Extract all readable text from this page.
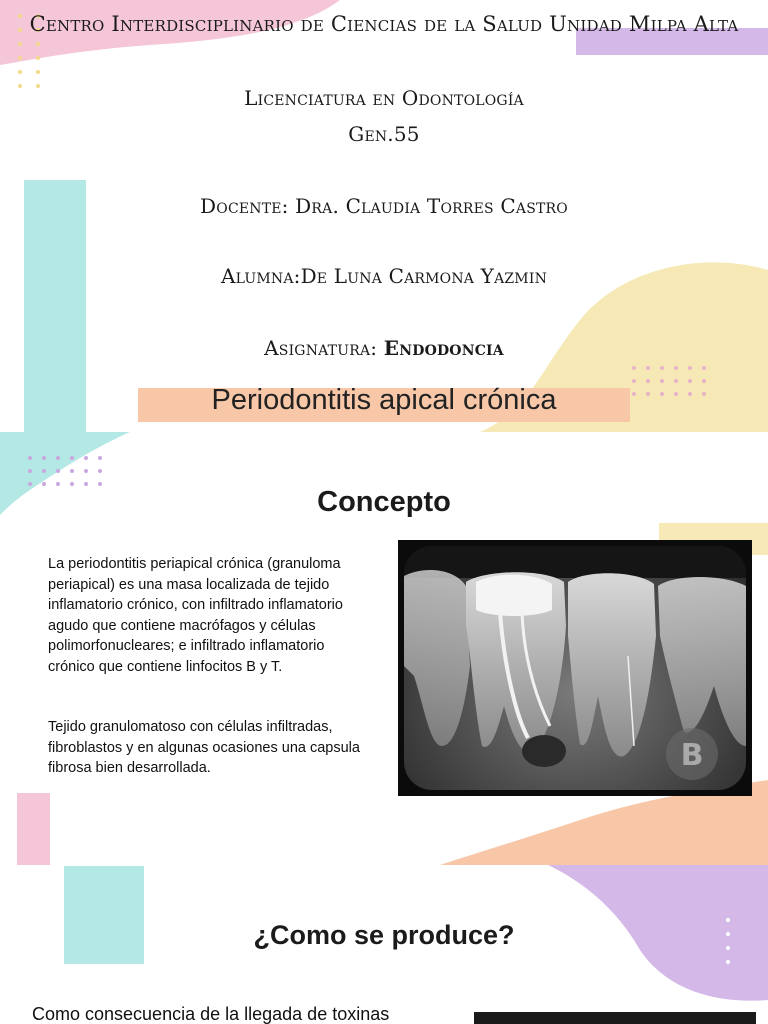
Centro Interdisciplinario de Ciencias de la Salud Unidad Milpa Alta
Licenciatura en Odontología
Gen.55
Docente: Dra. Claudia Torres Castro
Alumna:De Luna Carmona Yazmin
Asignatura: Endodoncia
Periodontitis apical crónica
Concepto
La periodontitis periapical crónica (granuloma periapical) es una masa localizada de tejido inflamatorio crónico, con infiltrado inflamatorio agudo que contiene macrófagos y células polimorfonucleares; e infiltrado inflamatorio crónico que contiene linfocitos B y T.
Tejido granulomatoso con células infiltradas, fibroblastos y en algunas ocasiones una capsula fibrosa bien desarrollada.	B
¿Como se produce?
Como consecuencia de la llegada de toxinas
